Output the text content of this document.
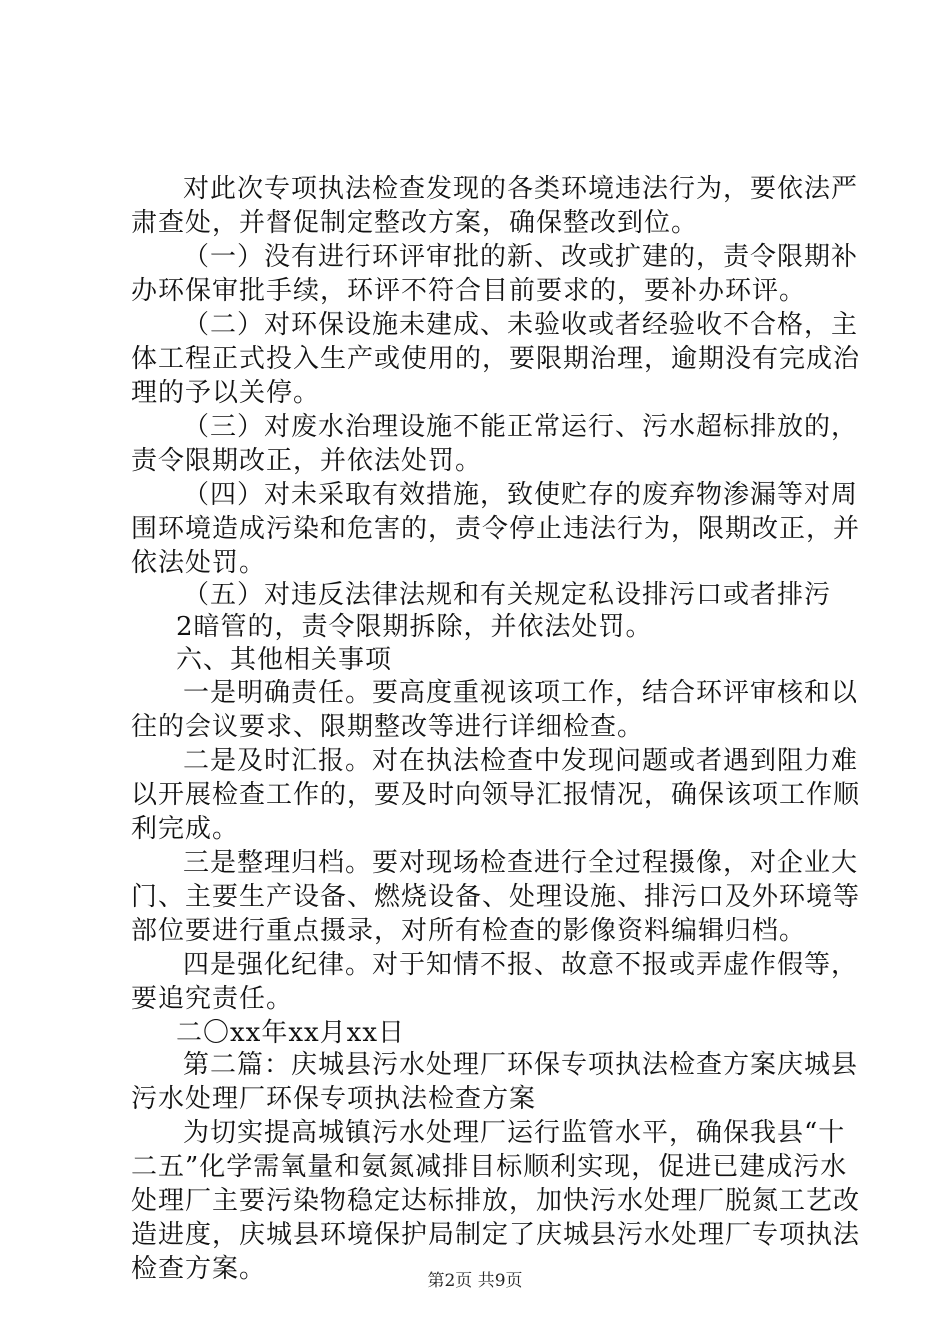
对此次专项执法检查发现的各类环境违法行为，要依法严
肃查处，并督促制定整改方案，确保整改到位。
（一）没有进行环评审批的新、改或扩建的，责令限期补
办环保审批手续，环评不符合目前要求的，要补办环评。
（二）对环保设施未建成、未验收或者经验收不合格，主
体工程正式投入生产或使用的，要限期治理，逾期没有完成治
理的予以关停。
（三）对废水治理设施不能正常运行、污水超标排放的，
责令限期改正，并依法处罚。
（四）对未采取有效措施，致使贮存的废弃物渗漏等对周
围环境造成污染和危害的，责令停止违法行为，限期改正，并
依法处罚。
（五）对违反法律法规和有关规定私设排污口或者排污
2暗管的，责令限期拆除，并依法处罚。
六、其他相关事项
一是明确责任。要高度重视该项工作，结合环评审核和以
往的会议要求、限期整改等进行详细检查。
二是及时汇报。对在执法检查中发现问题或者遇到阻力难
以开展检查工作的，要及时向领导汇报情况，确保该项工作顺
利完成。
三是整理归档。要对现场检查进行全过程摄像，对企业大
门、主要生产设备、燃烧设备、处理设施、排污口及外环境等
部位要进行重点摄录，对所有检查的影像资料编辑归档。
四是强化纪律。对于知情不报、故意不报或弄虚作假等，
要追究责任。
二〇xx年xx月xx日
第二篇：庆城县污水处理厂环保专项执法检查方案庆城县
污水处理厂环保专项执法检查方案
为切实提高城镇污水处理厂运行监管水平，确保我县“十
二五”化学需氧量和氨氮减排目标顺利实现，促进已建成污水
处理厂主要污染物稳定达标排放，加快污水处理厂脱氮工艺改
造进度，庆城县环境保护局制定了庆城县污水处理厂专项执法
检查方案。	第2页 共9页
